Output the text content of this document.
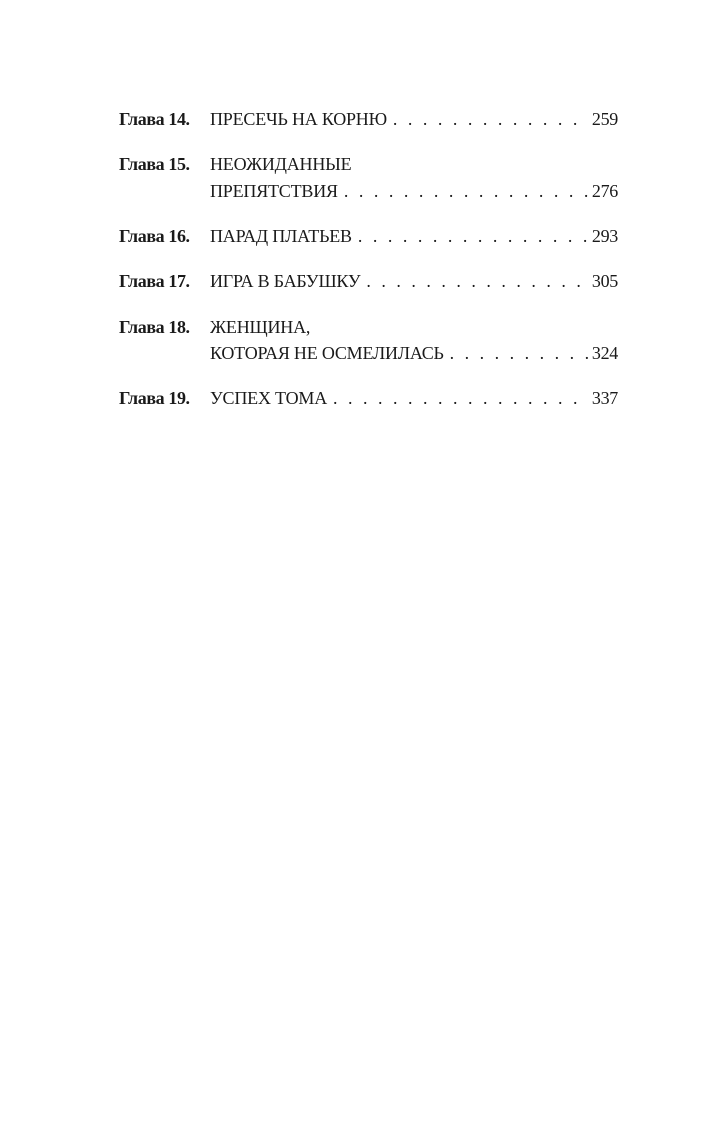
Глава 14. ПРЕСЕЧЬ НА КОРНЮ . . .	259
Глава 15. НЕОЖИДАННЫЕ
ПРЕПЯТСТВИЯ . . .	276
Глава 16. ПАРАД ПЛАТЬЕВ . . .	293
Глава 17. ИГРА В БАБУШКУ . . .	305
Глава 18. ЖЕНЩИНА,
КОТОРАЯ НЕ ОСМЕЛИЛАСЬ . . .	324
Глава 19. УСПЕХ ТОМА . . .	337
